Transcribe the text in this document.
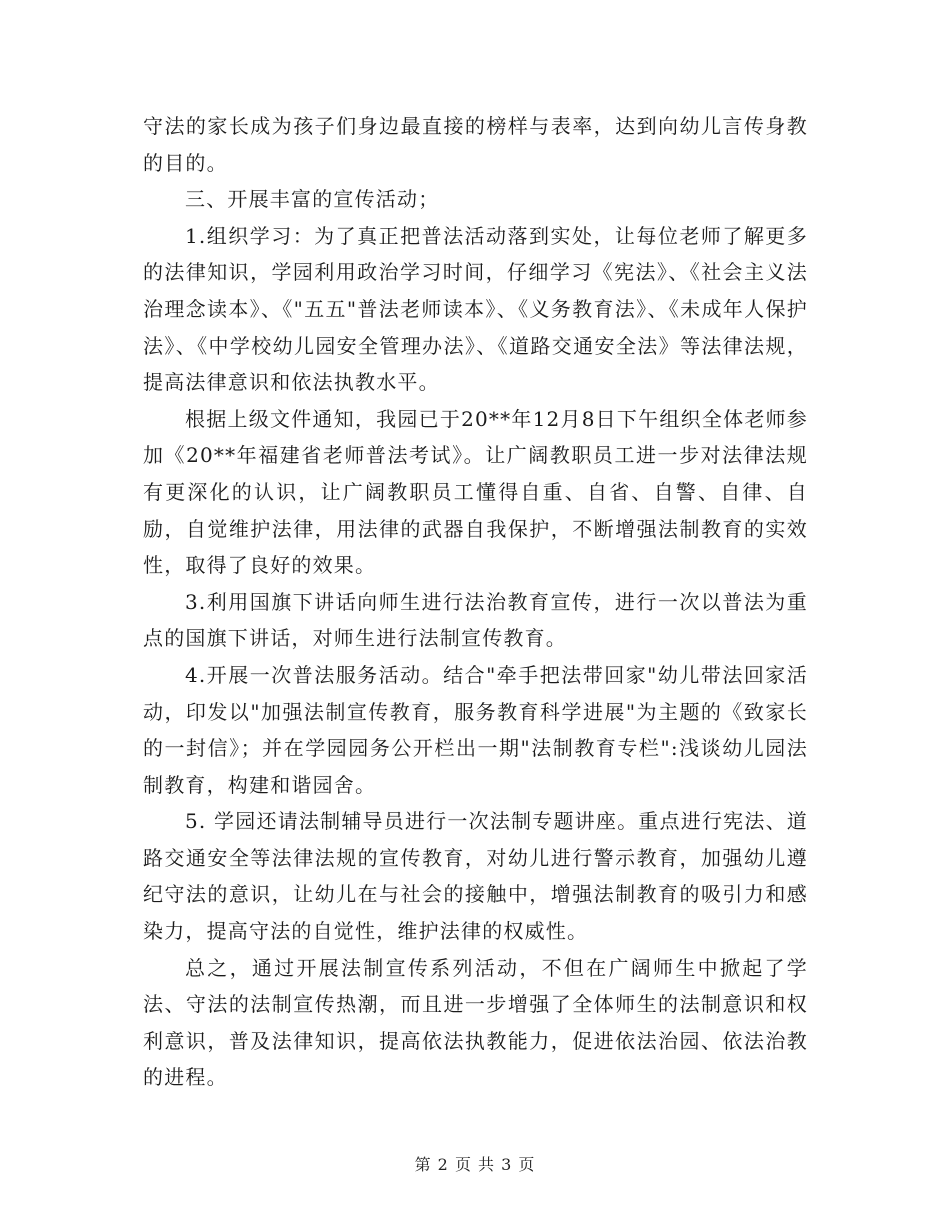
守法的家长成为孩子们身边最直接的榜样与表率，达到向幼儿言传身教的目的。

三、开展丰富的宣传活动；

1.组织学习：为了真正把普法活动落到实处，让每位老师了解更多的法律知识，学园利用政治学习时间，仔细学习《宪法》、《社会主义法治理念读本》、《"五五"普法老师读本》、《义务教育法》、《未成年人保护法》、《中学校幼儿园安全管理办法》、《道路交通安全法》等法律法规，提高法律意识和依法执教水平。

根据上级文件通知，我园已于20**年12月8日下午组织全体老师参加《20**年福建省老师普法考试》。让广阔教职员工进一步对法律法规有更深化的认识，让广阔教职员工懂得自重、自省、自警、自律、自励，自觉维护法律，用法律的武器自我保护，不断增强法制教育的实效性，取得了良好的效果。

3.利用国旗下讲话向师生进行法治教育宣传，进行一次以普法为重点的国旗下讲话，对师生进行法制宣传教育。

4.开展一次普法服务活动。结合"牵手把法带回家"幼儿带法回家活动，印发以"加强法制宣传教育，服务教育科学进展"为主题的《致家长的一封信》；并在学园园务公开栏出一期"法制教育专栏":浅谈幼儿园法制教育，构建和谐园舍。

5. 学园还请法制辅导员进行一次法制专题讲座。重点进行宪法、道路交通安全等法律法规的宣传教育，对幼儿进行警示教育，加强幼儿遵纪守法的意识，让幼儿在与社会的接触中，增强法制教育的吸引力和感染力，提高守法的自觉性，维护法律的权威性。

总之，通过开展法制宣传系列活动，不但在广阔师生中掀起了学法、守法的法制宣传热潮，而且进一步增强了全体师生的法制意识和权利意识，普及法律知识，提高依法执教能力，促进依法治园、依法治教的进程。

第 2 页 共 3 页
